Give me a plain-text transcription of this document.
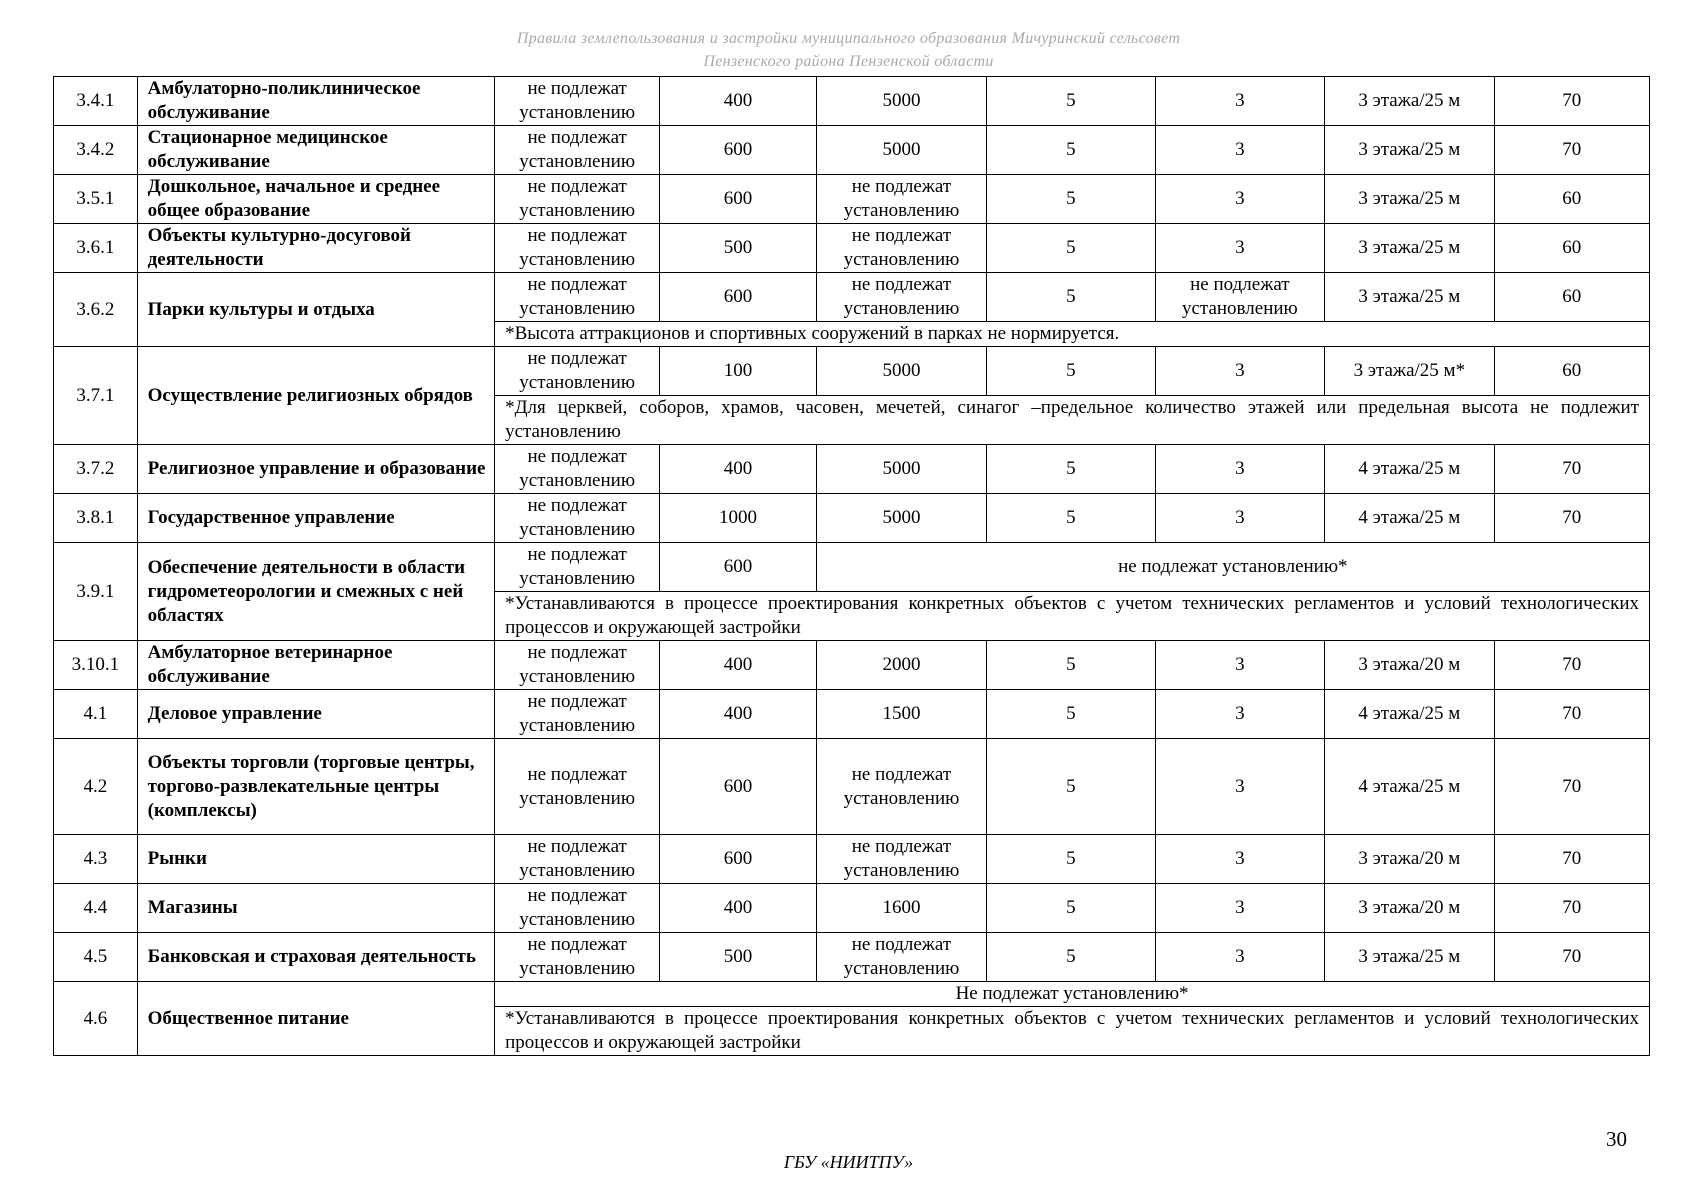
Правила землепользования и застройки муниципального образования Мичуринский сельсовет
Пензенского района Пензенской области
3.4.1	Амбулаторно-поликлиническое обслуживание	не подлежат установлению	400	5000	5	3	3 этажа/25 м	70
3.4.2	Стационарное медицинское обслуживание	не подлежат установлению	600	5000	5	3	3 этажа/25 м	70
3.5.1	Дошкольное, начальное и среднее общее образование	не подлежат установлению	600	не подлежат установлению	5	3	3 этажа/25 м	60
3.6.1	Объекты культурно-досуговой деятельности	не подлежат установлению	500	не подлежат установлению	5	3	3 этажа/25 м	60
3.6.2	Парки культуры и отдыха	не подлежат установлению	600	не подлежат установлению	5	не подлежат установлению	3 этажа/25 м	60
		*Высота аттракционов и спортивных сооружений в парках не нормируется.						
3.7.1	Осуществление религиозных обрядов	не подлежат установлению	100	5000	5	3	3 этажа/25 м*	60
		*Для церквей, соборов, храмов, часовен, мечетей, синагог –предельное количество этажей или предельная высота не подлежит установлению						
3.7.2	Религиозное управление и образование	не подлежат установлению	400	5000	5	3	4 этажа/25 м	70
3.8.1	Государственное управление	не подлежат установлению	1000	5000	5	3	4 этажа/25 м	70
3.9.1	Обеспечение деятельности в области гидрометеорологии и смежных с ней областях	не подлежат установлению	600	не подлежат установлению*				
		*Устанавливаются в процессе проектирования конкретных объектов с учетом технических регламентов и условий технологических процессов и окружающей застройки						
3.10.1	Амбулаторное ветеринарное обслуживание	не подлежат установлению	400	2000	5	3	3 этажа/20 м	70
4.1	Деловое управление	не подлежат установлению	400	1500	5	3	4 этажа/25 м	70
4.2	Объекты торговли (торговые центры, торгово-развлекательные центры (комплексы)	не подлежат установлению	600	не подлежат установлению	5	3	4 этажа/25 м	70
4.3	Рынки	не подлежат установлению	600	не подлежат установлению	5	3	3 этажа/20 м	70
4.4	Магазины	не подлежат установлению	400	1600	5	3	3 этажа/20 м	70
4.5	Банковская и страховая деятельность	не подлежат установлению	500	не подлежат установлению	5	3	3 этажа/25 м	70
4.6	Общественное питание	Не подлежат установлению*						
		*Устанавливаются в процессе проектирования конкретных объектов с учетом технических регламентов и условий технологических процессов и окружающей застройки						
30
ГБУ «НИИТПУ»
